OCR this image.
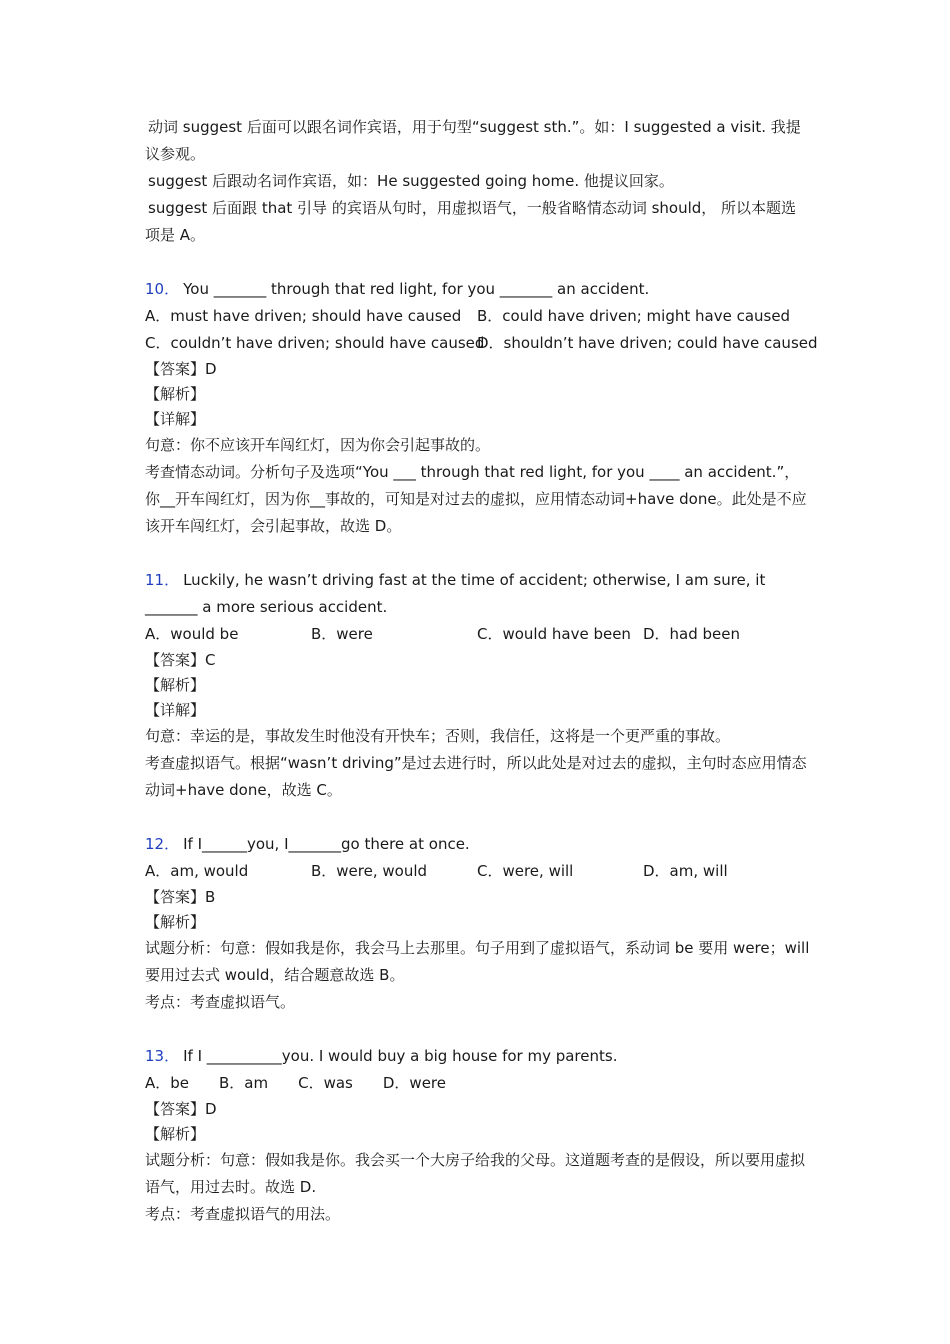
动词 suggest 后面可以跟名词作宾语，用于句型“suggest sth.”。如：I suggested a visit. 我提议参观。

suggest 后跟动名词作宾语，如：He suggested going home. 他提议回家。

suggest 后面跟 that 引导 的宾语从句时，用虚拟语气，一般省略情态动词 should， 所以本题选项是 A。

10． You _______ through that red light, for you _______ an accident.

A．must have driven; should have caused	B．could have driven; might have caused
C．couldn’t have driven; should have caused
D．shouldn’t have driven; could have caused

【答案】D

【解析】

【详解】

句意：你不应该开车闯红灯，因为你会引起事故的。

考查情态动词。分析句子及选项“You ___ through that red light, for you ____ an accident.”，你__开车闯红灯，因为你__事故的，可知是对过去的虚拟，应用情态动词+have done。此处是不应该开车闯红灯，会引起事故，故选 D。

11． Luckily, he wasn’t driving fast at the time of accident; otherwise, I am sure, it _______ a more serious accident.

A．would be	B．were	C．would have been D．had been

【答案】C

【解析】

【详解】

句意：幸运的是，事故发生时他没有开快车；否则，我信任，这将是一个更严重的事故。

考查虚拟语气。根据“wasn’t driving”是过去进行时，所以此处是对过去的虚拟，主句时态应用情态动词+have done，故选 C。

12． If I______you, I_______go there at once.

A．am, would	B．were, would	C．were, will	D．am, will

【答案】B

【解析】

试题分析：句意：假如我是你，我会马上去那里。句子用到了虚拟语气，系动词 be 要用 were；will 要用过去式 would，结合题意故选 B。

考点：考查虚拟语气。

13． If I __________you. I would buy a big house for my parents.

A．be B．am C．was D．were

【答案】D

【解析】

试题分析：句意：假如我是你。我会买一个大房子给我的父母。这道题考查的是假设，所以要用虚拟语气，用过去时。故选 D.

考点：考查虚拟语气的用法。
